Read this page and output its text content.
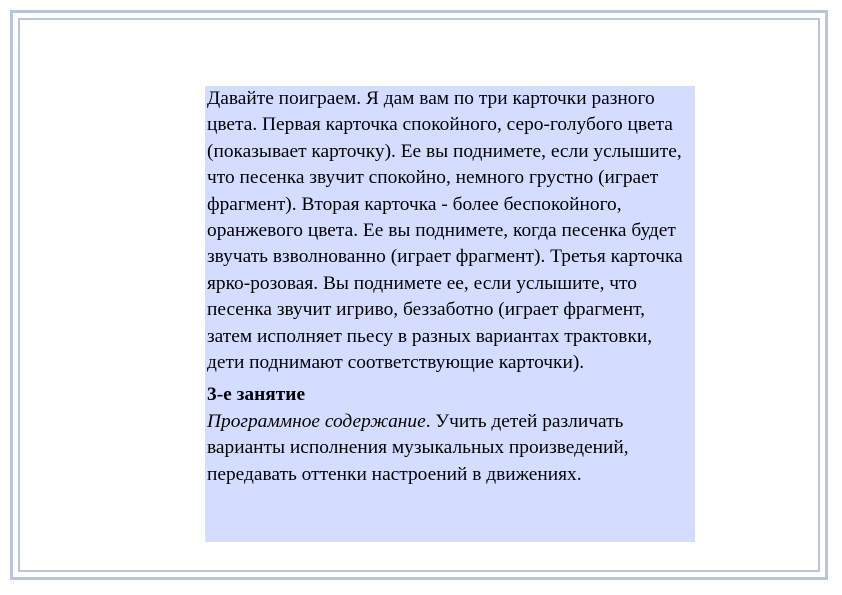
Давайте поиграем. Я дам вам по три карточки разного цвета. Первая карточка спокойного, серо-голубого цвета (показывает карточку). Ее вы поднимете, если услышите, что песенка звучит спокойно, немного грустно (играет фрагмент). Вторая карточка - более беспокойного, оранжевого цвета. Ее вы поднимете, когда песенка будет звучать взволнованно (играет фрагмент). Третья карточка ярко-розовая. Вы поднимете ее, если услышите, что песенка звучит игриво, беззаботно (играет фрагмент, затем исполняет пьесу в разных вариантах трактовки, дети поднимают соответствующие карточки).

3-е занятие

Программное содержание. Учить детей различать варианты исполнения музыкальных произведений, передавать оттенки настроений в движениях.
